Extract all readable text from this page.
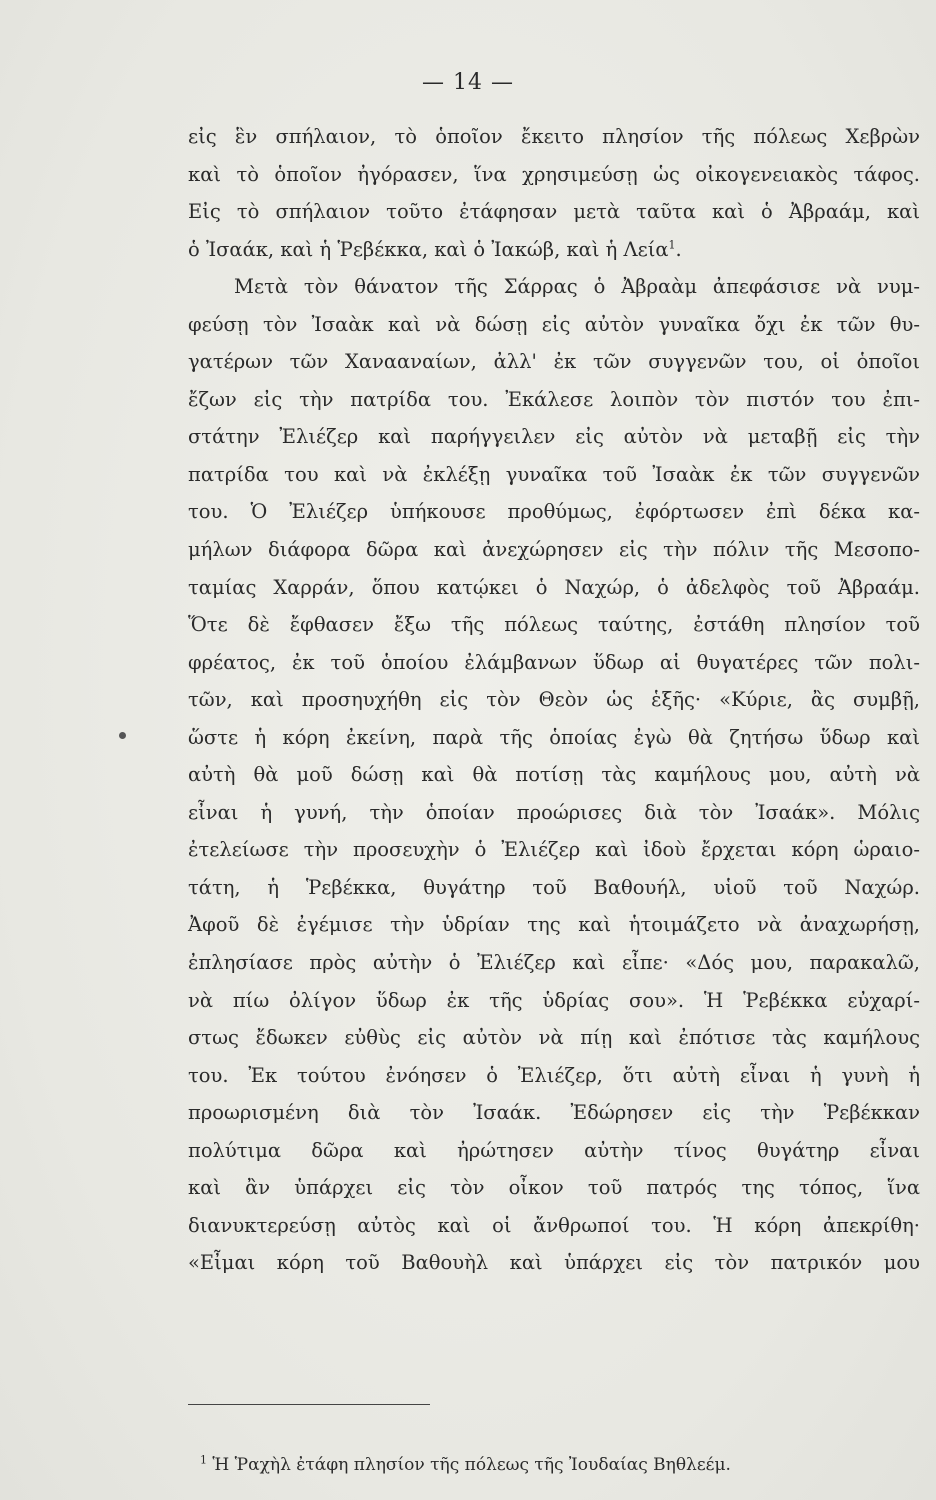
— 14 —
εἰς ἓν σπήλαιον, τὸ ὁποῖον ἔκειτο πλησίον τῆς πόλεως Χεβρὼν
καὶ τὸ ὁποῖον ἠγόρασεν, ἵνα χρησιμεύσῃ ὡς οἰκογενειακὸς τάφος.
Εἰς τὸ σπήλαιον τοῦτο ἐτάφησαν μετὰ ταῦτα καὶ ὁ Ἀβραάμ, καὶ
ὁ Ἰσαάκ, καὶ ἡ Ῥεβέκκα, καὶ ὁ Ἰακώβ, καὶ ἡ Λεία$^1$.
Μετὰ τὸν θάνατον τῆς Σάρρας ὁ Ἀβραὰμ ἀπεφάσισε νὰ νυμ-
φεύσῃ τὸν Ἰσαὰκ καὶ νὰ δώσῃ εἰς αὐτὸν γυναῖκα ὄχι ἐκ τῶν θυ-
γατέρων τῶν Χανααναίων, ἀλλ' ἐκ τῶν συγγενῶν του, οἱ ὁποῖοι
ἔζων εἰς τὴν πατρίδα του. Ἐκάλεσε λοιπὸν τὸν πιστόν του ἐπι-
στάτην Ἐλιέζερ καὶ παρήγγειλεν εἰς αὐτὸν νὰ μεταβῇ εἰς τὴν
πατρίδα του καὶ νὰ ἐκλέξῃ γυναῖκα τοῦ Ἰσαὰκ ἐκ τῶν συγγενῶν
του. Ὁ Ἐλιέζερ ὑπήκουσε προθύμως, ἐφόρτωσεν ἐπὶ δέκα κα-
μήλων διάφορα δῶρα καὶ ἀνεχώρησεν εἰς τὴν πόλιν τῆς Μεσοπο-
ταμίας Χαρράν, ὅπου κατῴκει ὁ Ναχώρ, ὁ ἀδελφὸς τοῦ Ἀβραάμ.
Ὅτε δὲ ἔφθασεν ἔξω τῆς πόλεως ταύτης, ἐστάθη πλησίον τοῦ
φρέατος, ἐκ τοῦ ὁποίου ἐλάμβανων ὕδωρ αἱ θυγατέρες τῶν πολι-
τῶν, καὶ προσηυχήθη εἰς τὸν Θεὸν ὡς ἑξῆς· «Κύριε, ἂς συμβῇ,
ὥστε ἡ κόρη ἐκείνη, παρὰ τῆς ὁποίας ἐγὼ θὰ ζητήσω ὕδωρ καὶ
αὐτὴ θὰ μοῦ δώσῃ καὶ θὰ ποτίσῃ τὰς καμήλους μου, αὐτὴ νὰ
εἶναι ἡ γυνή, τὴν ὁποίαν προώρισες διὰ τὸν Ἰσαάκ». Μόλις
ἐτελείωσε τὴν προσευχὴν ὁ Ἐλιέζερ καὶ ἰδοὺ ἔρχεται κόρη ὡραιο-
τάτη, ἡ Ῥεβέκκα, θυγάτηρ τοῦ Βαθουήλ, υἱοῦ τοῦ Ναχώρ.
Ἀφοῦ δὲ ἐγέμισε τὴν ὑδρίαν της καὶ ἡτοιμάζετο νὰ ἀναχωρήσῃ,
ἐπλησίασε πρὸς αὐτὴν ὁ Ἐλιέζερ καὶ εἶπε· «Δός μου, παρακαλῶ,
νὰ πίω ὀλίγον ὕδωρ ἐκ τῆς ὑδρίας σου». Ἡ Ῥεβέκκα εὐχαρί-
στως ἔδωκεν εὐθὺς εἰς αὐτὸν νὰ πίῃ καὶ ἐπότισε τὰς καμήλους
του. Ἐκ τούτου ἐνόησεν ὁ Ἐλιέζερ, ὅτι αὐτὴ εἶναι ἡ γυνὴ ἡ
προωρισμένη διὰ τὸν Ἰσαάκ. Ἐδώρησεν εἰς τὴν Ῥεβέκκαν
πολύτιμα δῶρα καὶ ἠρώτησεν αὐτὴν τίνος θυγάτηρ εἶναι
καὶ ἂν ὑπάρχει εἰς τὸν οἶκον τοῦ πατρός της τόπος, ἵνα
διανυκτερεύσῃ αὐτὸς καὶ οἱ ἄνθρωποί του. Ἡ κόρη ἀπεκρίθη·
«Εἶμαι κόρη τοῦ Βαθουὴλ καὶ ὑπάρχει εἰς τὸν πατρικόν μου
$^1$ Ἡ Ῥαχὴλ ἐτάφη πλησίον τῆς πόλεως τῆς Ἰουδαίας Βηθλεέμ.
